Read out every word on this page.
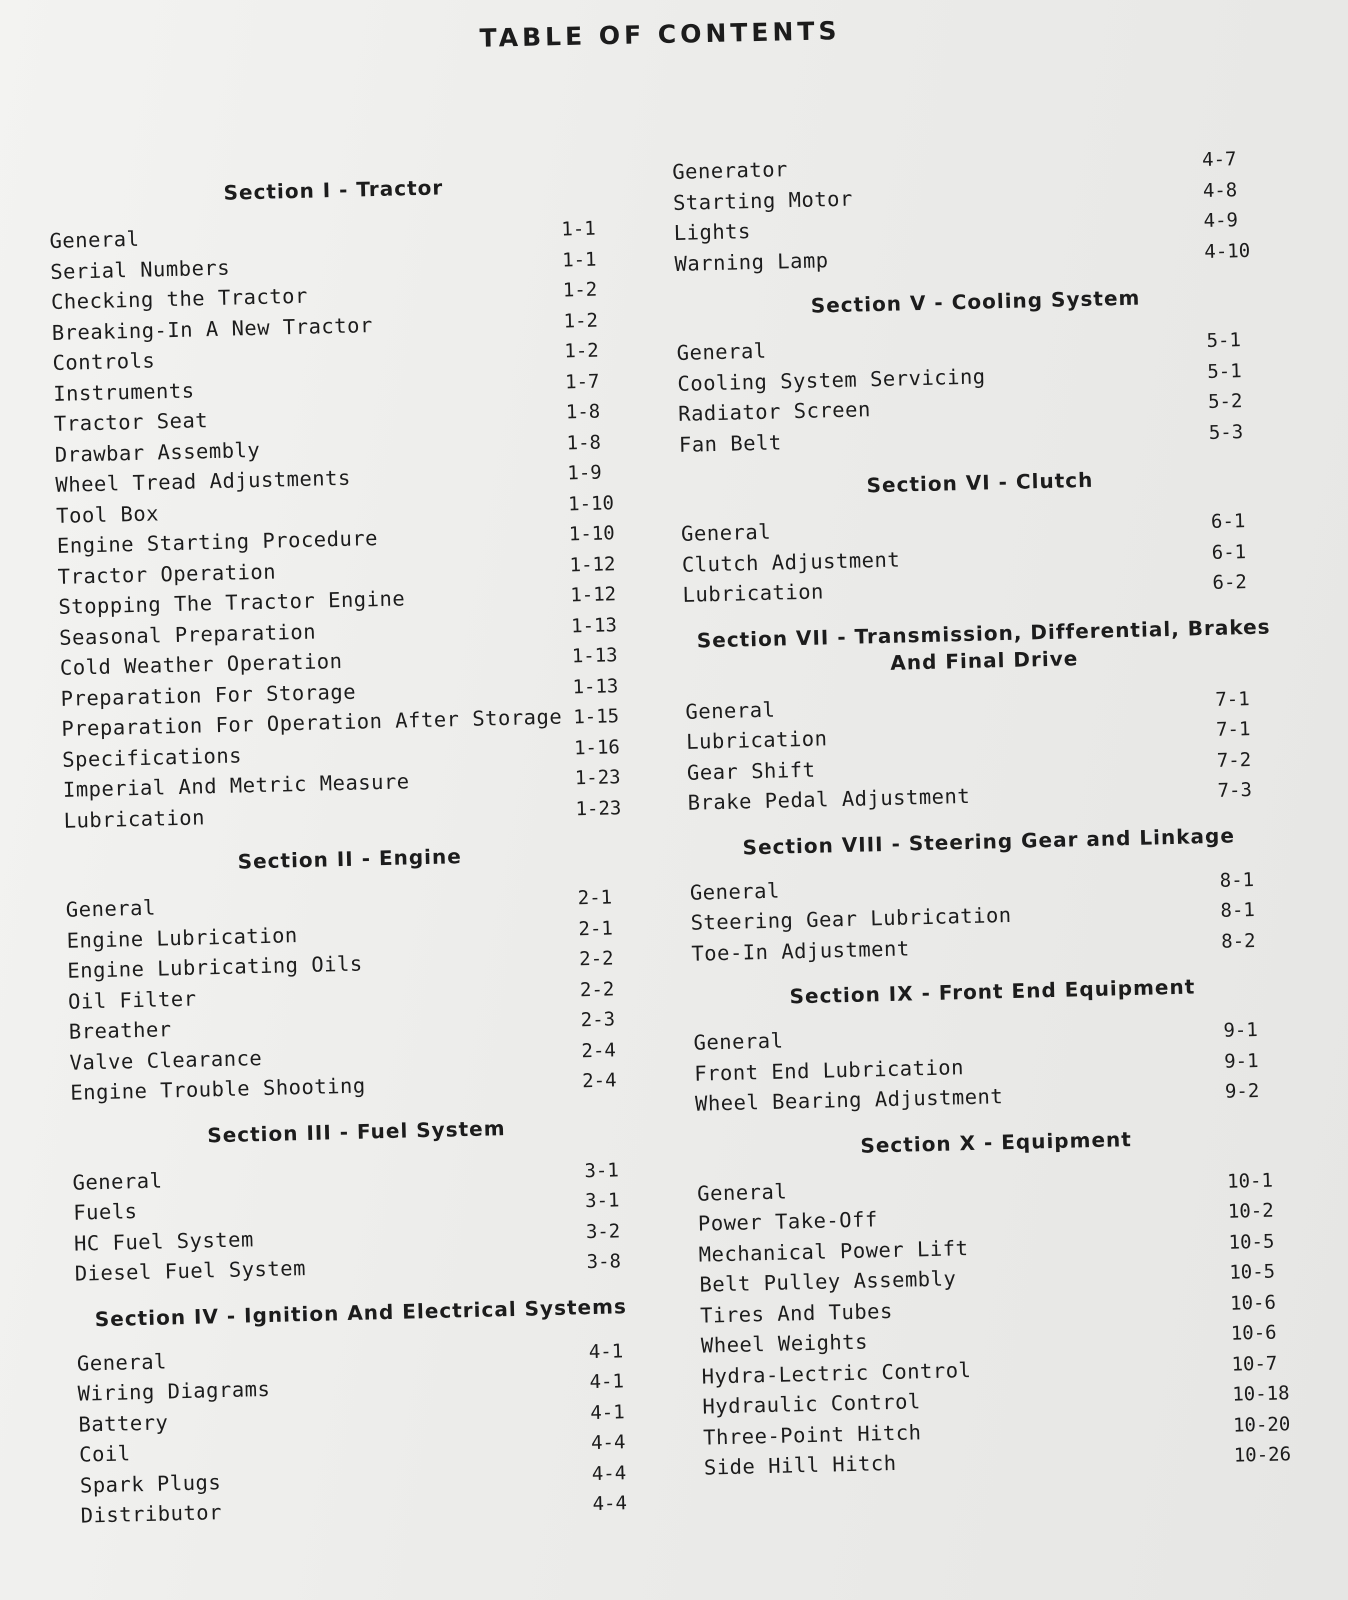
TABLE OF CONTENTS
Section I - Tractor
General	1-1
Serial Numbers	1-1
Checking the Tractor	1-2
Breaking-In A New Tractor	1-2
Controls	1-2
Instruments	1-7
Tractor Seat	1-8
Drawbar Assembly	1-8
Wheel Tread Adjustments	1-9
Tool Box	1-10
Engine Starting Procedure	1-10
Tractor Operation	1-12
Stopping The Tractor Engine	1-12
Seasonal Preparation	1-13
Cold Weather Operation	1-13
Preparation For Storage	1-13
Preparation For Operation After Storage 1-15
Specifications	1-16
Imperial And Metric Measure	1-23
Lubrication	1-23
Section II - Engine
General	2-1
Engine Lubrication	2-1
Engine Lubricating Oils	2-2
Oil Filter	2-2
Breather	2-3
Valve Clearance	2-4
Engine Trouble Shooting	2-4
Section III - Fuel System
General	3-1
Fuels	3-1
HC Fuel System	3-2
Diesel Fuel System	3-8
Section IV - Ignition And Electrical Systems
General	4-1
Wiring Diagrams	4-1
Battery	4-1
Coil	4-4
Spark Plugs	4-4
Distributor	4-4
Generator	4-7
Starting Motor	4-8
Lights	4-9
Warning Lamp	4-10
Section V - Cooling System
General	5-1
Cooling System Servicing	5-1
Radiator Screen	5-2
Fan Belt	5-3
Section VI - Clutch
General	6-1
Clutch Adjustment	6-1
Lubrication	6-2
Section VII - Transmission, Differential, Brakes And Final Drive
General	7-1
Lubrication	7-1
Gear Shift	7-2
Brake Pedal Adjustment	7-3
Section VIII - Steering Gear and Linkage
General	8-1
Steering Gear Lubrication	8-1
Toe-In Adjustment	8-2
Section IX - Front End Equipment
General	9-1
Front End Lubrication	9-1
Wheel Bearing Adjustment	9-2
Section X - Equipment
General	10-1
Power Take-Off	10-2
Mechanical Power Lift	10-5
Belt Pulley Assembly	10-5
Tires And Tubes	10-6
Wheel Weights	10-6
Hydra-Lectric Control	10-7
Hydraulic Control	10-18
Three-Point Hitch	10-20
Side Hill Hitch	10-26
